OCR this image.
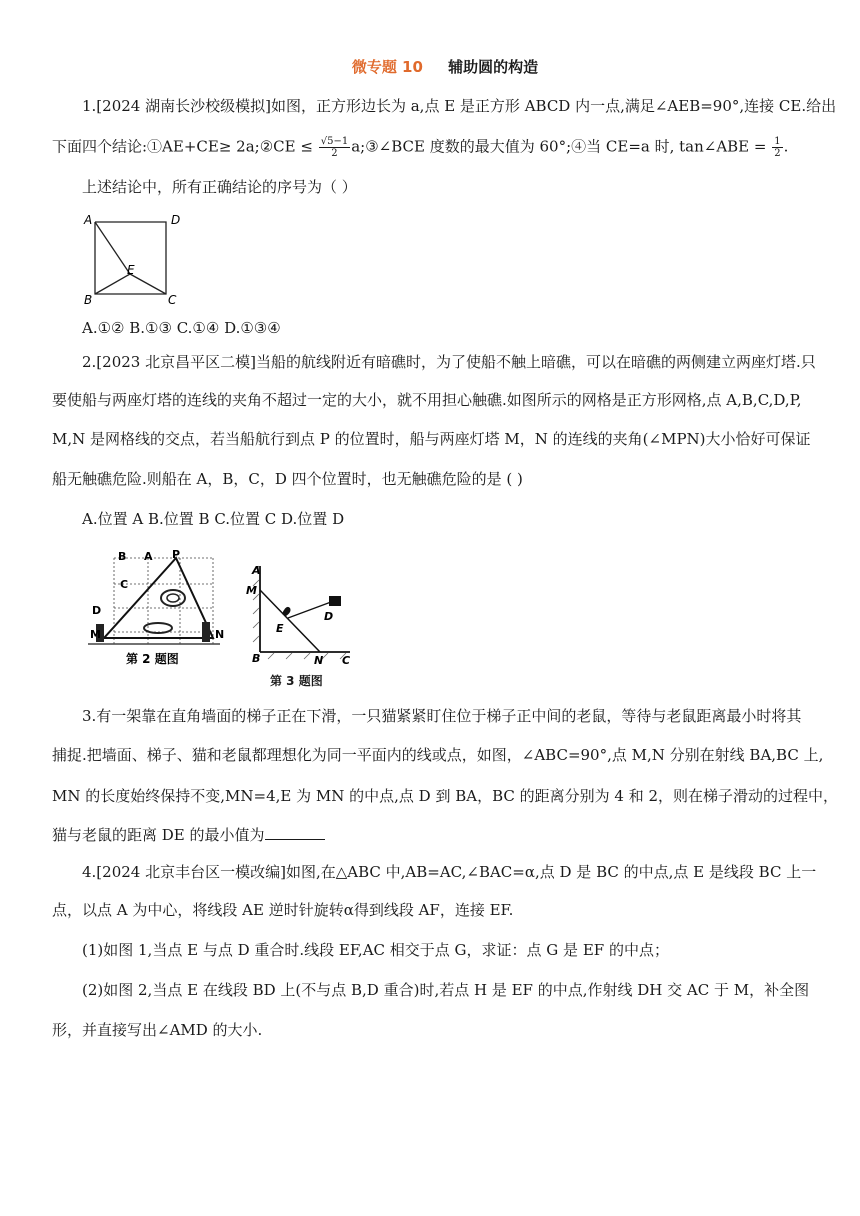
微专题 10 辅助圆的构造
1.[2024 湖南长沙校级模拟]如图，正方形边长为 a,点 E 是正方形 ABCD 内一点,满足∠AEB=90°,连接 CE.给出
下面四个结论:①AE+CE≥ 2a;②CE ≤ $\frac{√5-1}{2}$ a;③∠BCE 度数的最大值为 60°;④当 CE=a 时, tan∠ABE = $\frac{1}{2}$ .
上述结论中，所有正确结论的序号为（ ）
A	D
E
B	C
A.①② B.①③ C.①④ D.①③④
2.[2023 北京昌平区二模]当船的航线附近有暗礁时，为了使船不触上暗礁，可以在暗礁的两侧建立两座灯塔.只
要使船与两座灯塔的连线的夹角不超过一定的大小，就不用担心触礁.如图所示的网格是正方形网格,点 A,B,C,D,P,
M,N 是网格线的交点，若当船航行到点 P 的位置时，船与两座灯塔 M，N 的连线的夹角(∠MPN)大小恰好可保证
船无触礁危险.则船在 A，B，C，D 四个位置时，也无触礁危险的是 ( )
A.位置 A B.位置 B C.位置 C D.位置 D
B A P
C
D
M	N
第 2 题图
A
M
E
D
B	N C
第 3 题图
3.有一架靠在直角墙面的梯子正在下滑，一只猫紧紧盯住位于梯子正中间的老鼠，等待与老鼠距离最小时将其
捕捉.把墙面、梯子、猫和老鼠都理想化为同一平面内的线或点，如图，∠ABC=90°,点 M,N 分别在射线 BA,BC 上,
MN 的长度始终保持不变,MN=4,E 为 MN 的中点,点 D 到 BA，BC 的距离分别为 4 和 2，则在梯子滑动的过程中，
猫与老鼠的距离 DE 的最小值为
4.[2024 北京丰台区一模改编]如图,在△ABC 中,AB=AC,∠BAC=α,点 D 是 BC 的中点,点 E 是线段 BC 上一
点，以点 A 为中心，将线段 AE 逆时针旋转α得到线段 AF，连接 EF.
(1)如图 1,当点 E 与点 D 重合时.线段 EF,AC 相交于点 G，求证：点 G 是 EF 的中点；
(2)如图 2,当点 E 在线段 BD 上(不与点 B,D 重合)时,若点 H 是 EF 的中点,作射线 DH 交 AC 于 M，补全图
形，并直接写出∠AMD 的大小.
